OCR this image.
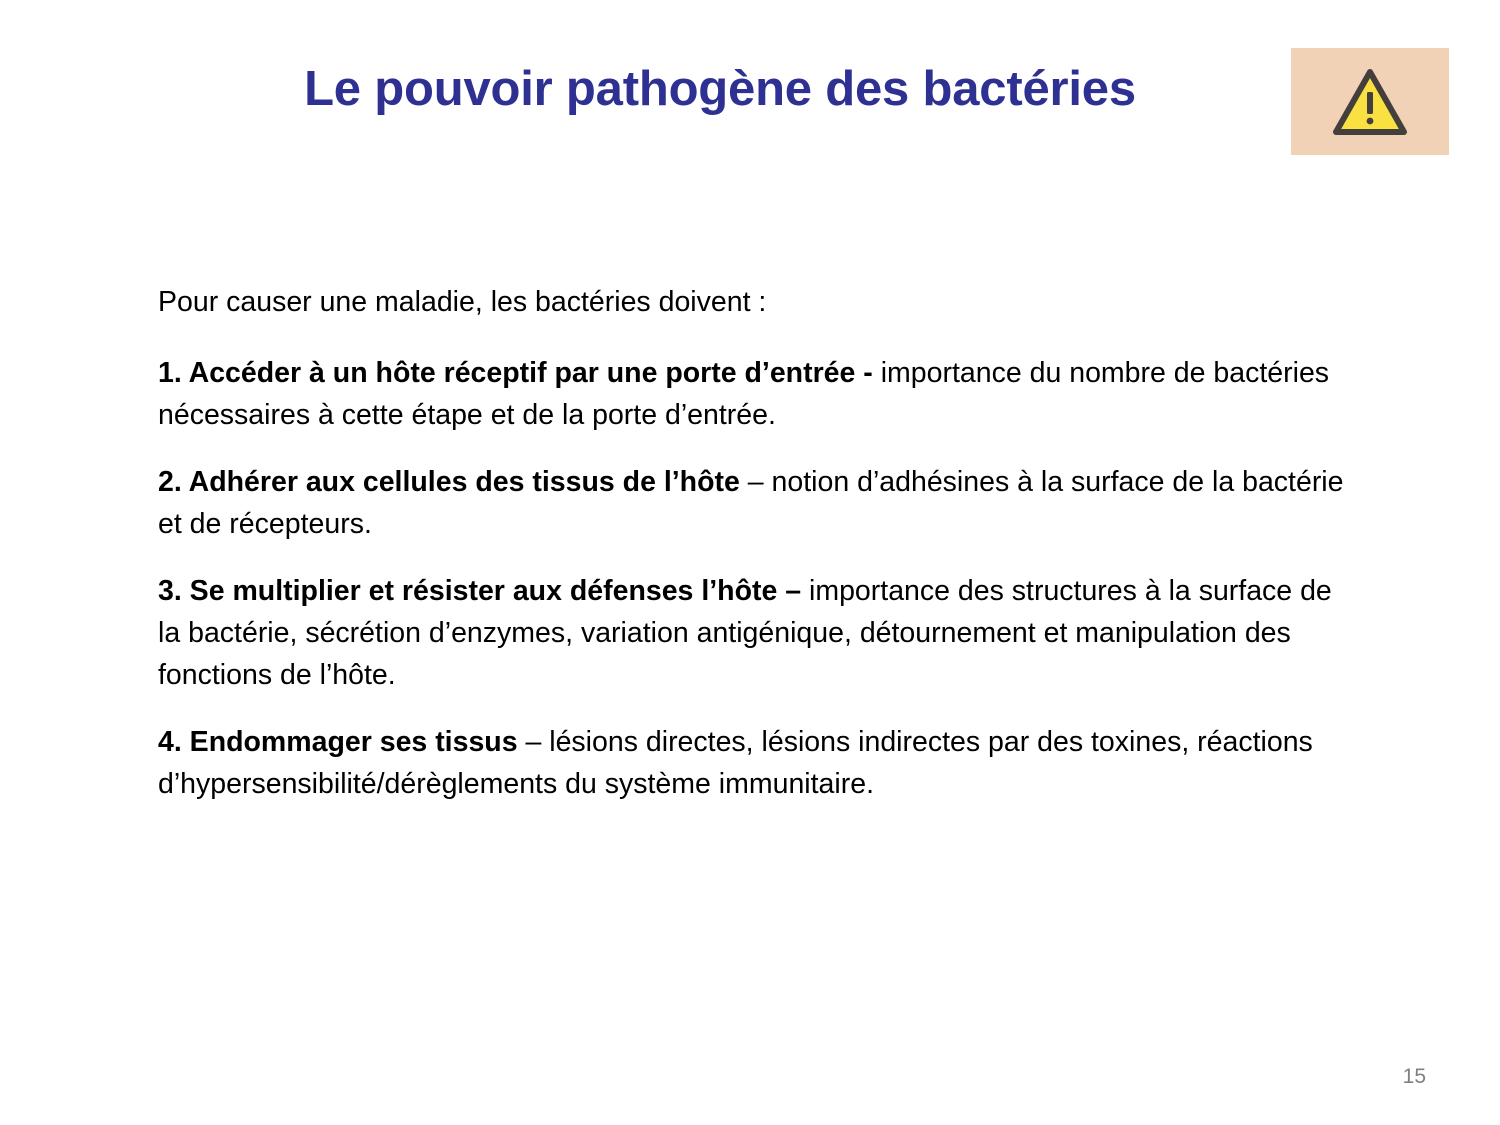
Le pouvoir pathogène des bactéries

Pour causer une maladie, les bactéries doivent :

1. Accéder à un hôte réceptif par une porte d’entrée - importance du nombre de bactéries nécessaires à cette étape et de la porte d’entrée.

2. Adhérer aux cellules des tissus de l’hôte – notion d’adhésines à la surface de la bactérie et de récepteurs.

3. Se multiplier et résister aux défenses l’hôte – importance des structures à la surface de la bactérie, sécrétion d’enzymes, variation antigénique, détournement et manipulation des fonctions de l’hôte.

4. Endommager ses tissus – lésions directes, lésions indirectes par des toxines, réactions d’hypersensibilité/dérèglements du système immunitaire.

15
